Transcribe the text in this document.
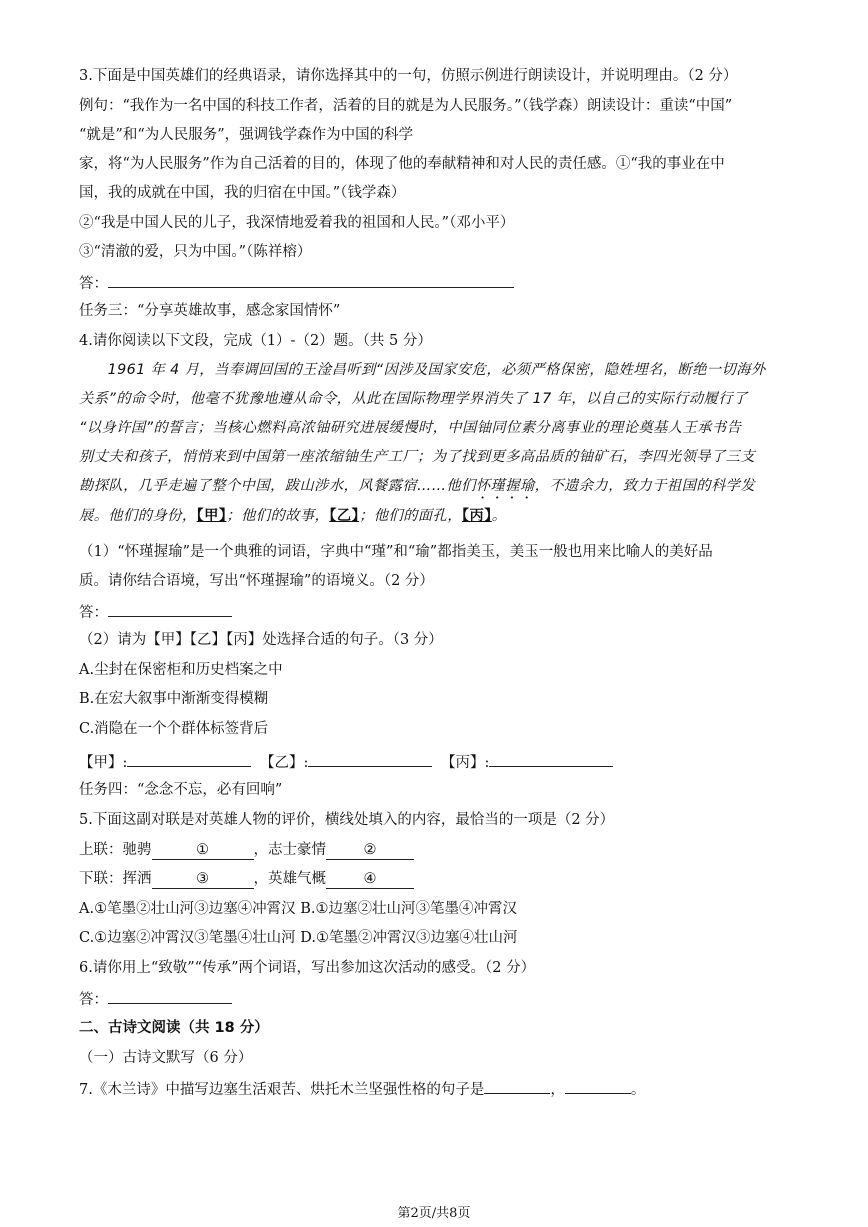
3.下面是中国英雄们的经典语录，请你选择其中的一句，仿照示例进行朗读设计，并说明理由。（2 分）
例句：“我作为一名中国的科技工作者，活着的目的就是为人民服务。”（钱学森）朗读设计：重读“中国”
“就是”和“为人民服务”，强调钱学森作为中国的科学
家，将“为人民服务”作为自己活着的目的，体现了他的奉献精神和对人民的责任感。①“我的事业在中
国，我的成就在中国，我的归宿在中国。”（钱学森）
②“我是中国人民的儿子，我深情地爱着我的祖国和人民。”（邓小平）
③“清澈的爱，只为中国。”（陈祥榕）
答：
任务三：“分享英雄故事，感念家国情怀”
4.请你阅读以下文段，完成（1）-（2）题。（共 5 分）
1961 年 4 月，当奉调回国的王淦昌听到“因涉及国家安危，必须严格保密，隐姓埋名，断绝一切海外
关系”的命令时，他毫不犹豫地遵从命令，从此在国际物理学界消失了 17 年，以自己的实际行动履行了
“以身许国”的誓言；当核心燃料高浓铀研究进展缓慢时，中国铀同位素分离事业的理论奠基人王承书告
别丈夫和孩子，悄悄来到中国第一座浓缩铀生产工厂；为了找到更多高品质的铀矿石，李四光领导了三支
勘探队，几乎走遍了整个中国，跋山涉水，风餐露宿……他们怀瑾握瑜，不遗余力，致力于祖国的科学发
展。他们的身份，【甲】；他们的故事，【乙】；他们的面孔，【丙】。
（1）“怀瑾握瑜”是一个典雅的词语，字典中“瑾”和“瑜”都指美玉，美玉一般也用来比喻人的美好品
质。请你结合语境，写出“怀瑾握瑜”的语境义。（2 分）
答：
（2）请为【甲】【乙】【丙】处选择合适的句子。（3 分）
A.尘封在保密柜和历史档案之中
B.在宏大叙事中渐渐变得模糊
C.消隐在一个个群体标签背后
【甲】:	【乙】:	【丙】:
任务四：“念念不忘，必有回响”
5.下面这副对联是对英雄人物的评价，横线处填入的内容，最恰当的一项是（2 分）
上联：驰骋	①	，志士豪情	②
下联：挥洒	③	，英雄气概	④
A.①笔墨②壮山河③边塞④冲霄汉 B.①边塞②壮山河③笔墨④冲霄汉
C.①边塞②冲霄汉③笔墨④壮山河 D.①笔墨②冲霄汉③边塞④壮山河
6.请你用上“致敬”“传承”两个词语，写出参加这次活动的感受。（2 分）
答：
二、古诗文阅读（共 18 分）
（一）古诗文默写（6 分）
7.《木兰诗》中描写边塞生活艰苦、烘托木兰坚强性格的句子是	，	。
第2页/共8页
